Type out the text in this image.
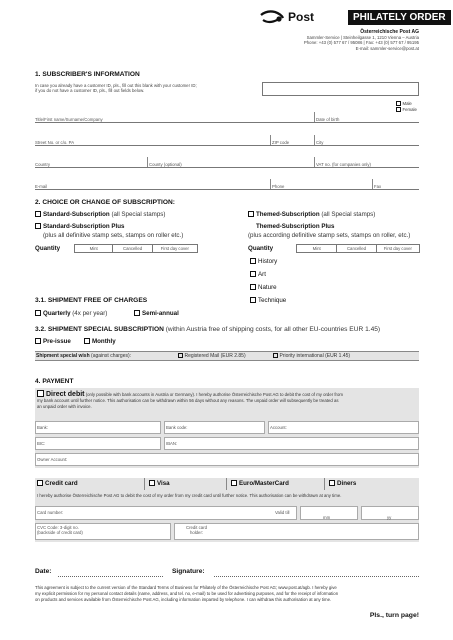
Post	PHILATELY ORDER
Österreichische Post AG
Sammler-Service | Steinheilgasse 1, 1210 Vienna – Austria
Phone: +43 (0) 577 67 / 95086 | Fax: +43 (0) 577 67 / 95195
E-mail: sammler-service@post.at
1. SUBSCRIBER'S INFORMATION
In case you already have a customer ID, pls., fill out this blank with your customer ID;
if you do not have a customer ID, pls., fill out fields below.
Male
Female
Title/First name/Surname/Company	Date of birth
Street No. or c/o. PA	ZIP code	City
Country	County (optional)	VAT no. (for companies only)
E-mail	Phone	Fax
2. CHOICE OR CHANGE OF SUBSCRIPTION:
Standard-Subscription (all Special stamps)
Standard-Subscription Plus
(plus all definitive stamp sets, stamps on roller etc.)
Quantity	Mint	Cancelled	First day cover
Themed-Subscription (all Special stamps)
Themed-Subscription Plus
(plus according definitive stamp sets, stamps on roller, etc.)
Quantity	Mint	Cancelled	First day cover
History
Art
Nature
Technique
3.1. SHIPMENT FREE OF CHARGES
Quarterly (4x per year)	Semi-annual
3.2. SHIPMENT SPECIAL SUBSCRIPTION (within Austria free of shipping costs, for all other EU-countries EUR 1.45)
Pre-issue	Monthly
Shipment special wish (against charges):	Registered Mail (EUR 2.85)	Priority international (EUR 1.45)
4. PAYMENT
Direct debit (only possible with bank accounts in Austria or Germany). I hereby authorise Österreichische Post AG to debit the cost of my order from
my bank account until further notice. This authorisation can be withdrawn within 56 days without any reasons. The unpaid order will subsequently be treated as
an unpaid order with invoice.
Bank:	Bank code:	Account:
BIC:	IBAN:
Owner Account:
Credit card	Visa	Euro/MasterCard	Diners
I hereby authorise Österreichische Post AG to debit the cost of my order from my credit card until further notice. This authorisation can be withdrawn at any time.
Card number:	Valid till
mm	yy
CVC Code: 3-digit no.
(backside of credit card)
Credit card
holder:
Date:	Signature:
This agreement is subject to the current version of the Standard Terms of Business for Philately of the Österreichische Post AG; www.post.at/agb. I hereby give
my explicit permission for my personal contact details (name, address, and tel. no, e-mail) to be used for advertising purposes, and for the receipt of information
on products and services available from Österreichische Post AG, including information imparted by telephone. I can withdraw this authorisation at any time.
Pls., turn page!
